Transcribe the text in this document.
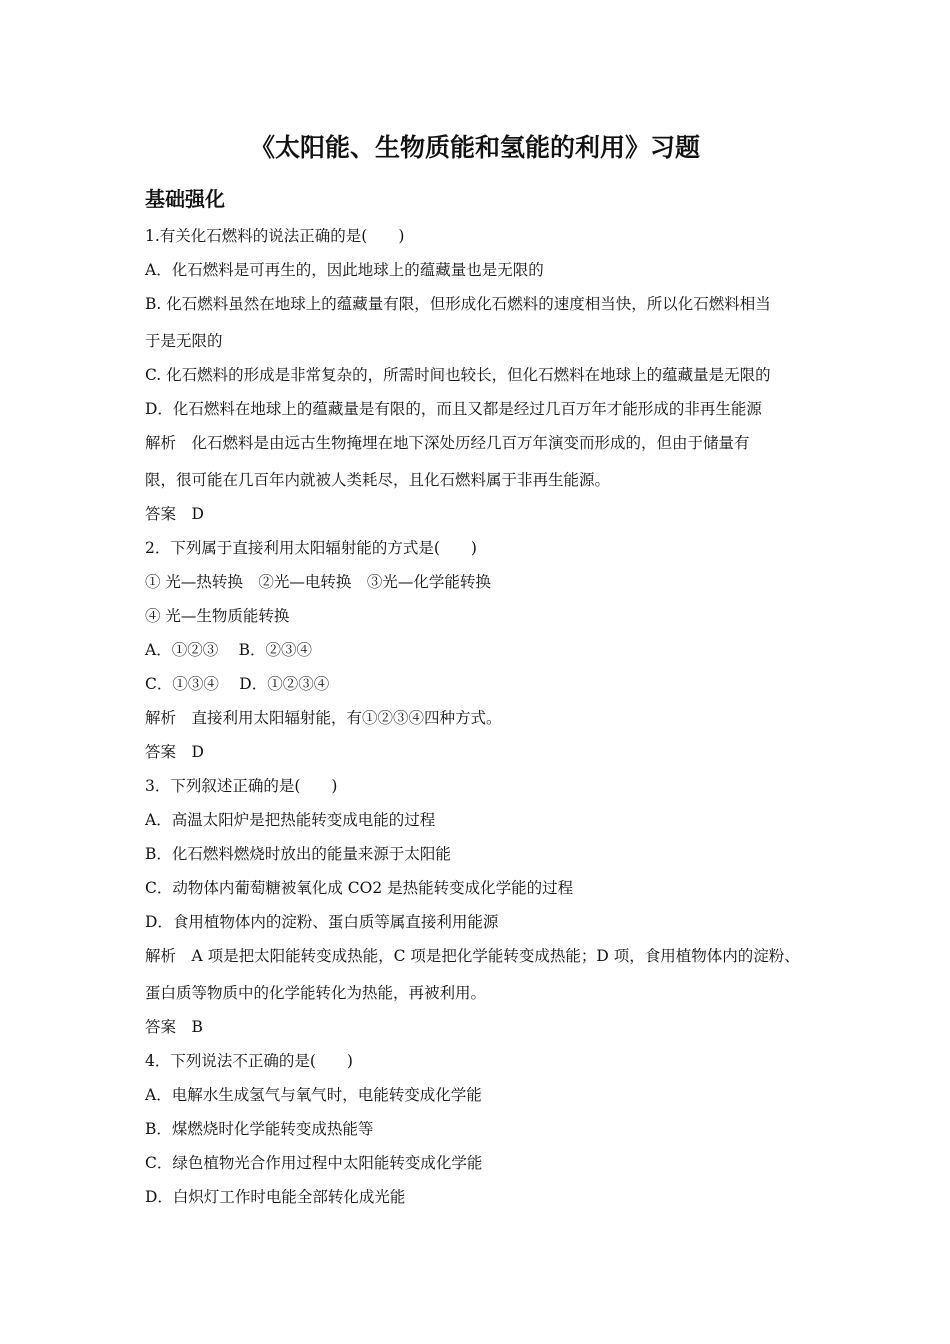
《太阳能、生物质能和氢能的利用》习题
基础强化
1.有关化石燃料的说法正确的是(　　)
A．化石燃料是可再生的，因此地球上的蕴藏量也是无限的
B. 化石燃料虽然在地球上的蕴藏量有限，但形成化石燃料的速度相当快，所以化石燃料相当
于是无限的
C. 化石燃料的形成是非常复杂的，所需时间也较长，但化石燃料在地球上的蕴藏量是无限的
D．化石燃料在地球上的蕴藏量是有限的，而且又都是经过几百万年才能形成的非再生能源
解析　化石燃料是由远古生物掩埋在地下深处历经几百万年演变而形成的，但由于储量有
限，很可能在几百年内就被人类耗尽，且化石燃料属于非再生能源。
答案　D
2．下列属于直接利用太阳辐射能的方式是(　　)
① 光—热转换　②光—电转换　③光—化学能转换
④ 光—生物质能转换
A．①②③　 B．②③④
C．①③④　 D．①②③④
解析　直接利用太阳辐射能，有①②③④四种方式。
答案　D
3．下列叙述正确的是(　　)
A．高温太阳炉是把热能转变成电能的过程
B．化石燃料燃烧时放出的能量来源于太阳能
C．动物体内葡萄糖被氧化成 CO2 是热能转变成化学能的过程
D．食用植物体内的淀粉、蛋白质等属直接利用能源
解析　A 项是把太阳能转变成热能，C 项是把化学能转变成热能；D 项，食用植物体内的淀粉、
蛋白质等物质中的化学能转化为热能，再被利用。
答案　B
4．下列说法不正确的是(　　)
A．电解水生成氢气与氧气时，电能转变成化学能
B．煤燃烧时化学能转变成热能等
C．绿色植物光合作用过程中太阳能转变成化学能
D．白炽灯工作时电能全部转化成光能
